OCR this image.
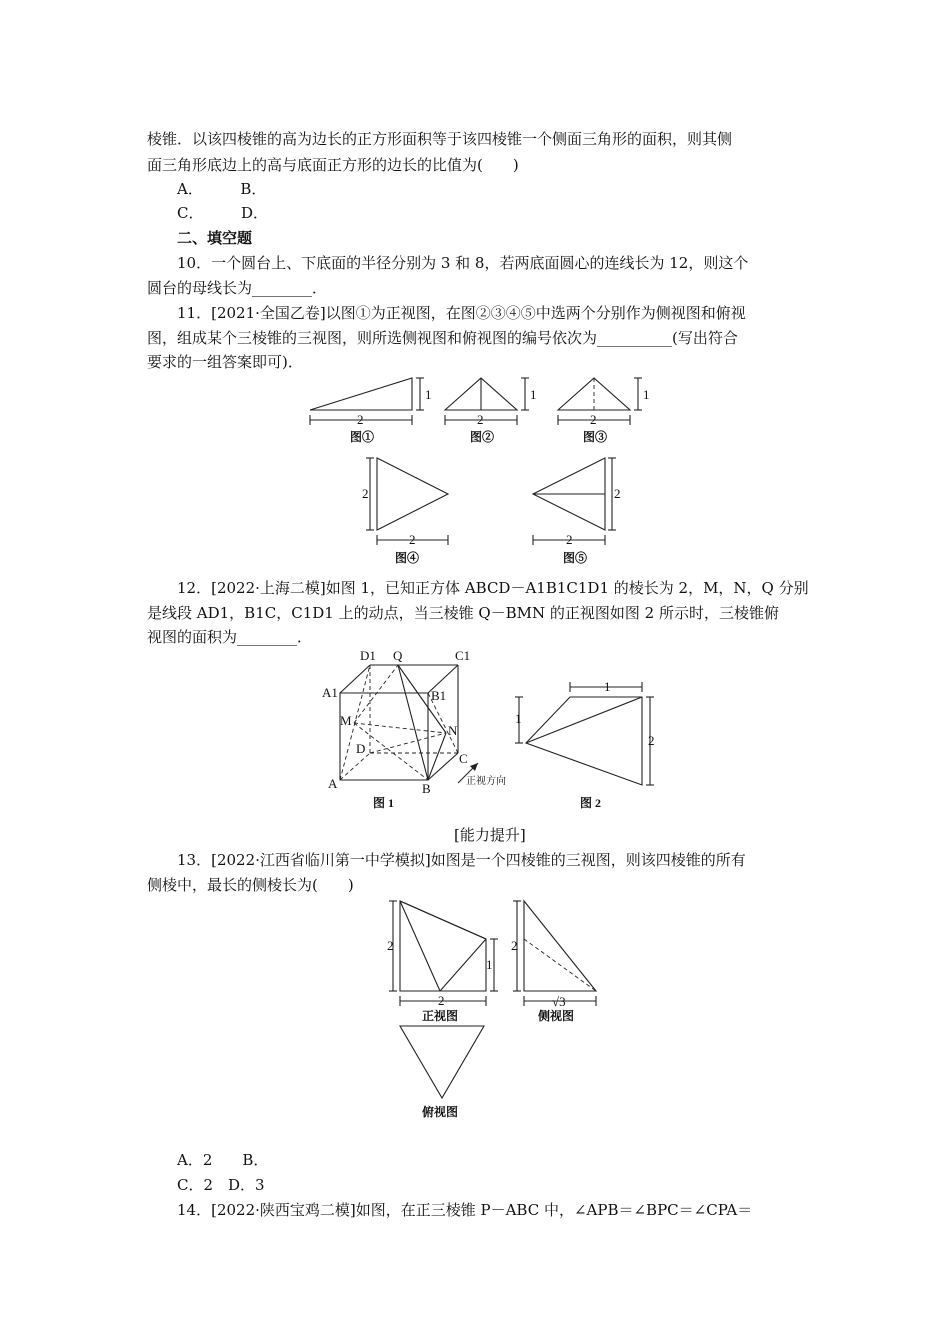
棱锥．以该四棱锥的高为边长的正方形面积等于该四棱锥一个侧面三角形的面积，则其侧
面三角形底边上的高与底面正方形的边长的比值为(　　)
A．　　　B．
C．　　　D．
二、填空题
10．一个圆台上、下底面的半径分别为 3 和 8，若两底面圆心的连线长为 12，则这个
圆台的母线长为________．
11．[2021·全国乙卷]以图①为正视图，在图②③④⑤中选两个分别作为侧视图和俯视
图，组成某个三棱锥的三视图，则所选侧视图和俯视图的编号依次为__________(写出符合
要求的一组答案即可)．
1
2
图①
1
2
图②
1
2
图③
2
2
图④
2
2
图⑤
12．[2022·上海二模]如图 1，已知正方体 ABCD－A1B1C1D1 的棱长为 2，M，N，Q 分别
是线段 AD1，B1C，C1D1 上的动点，当三棱锥 Q－BMN 的正视图如图 2 所示时，三棱锥俯
视图的面积为________．
D1 Q	C1
A1	B1
M
N
D
C
A	B	正视方向
图 1
1
1
2
图 2
[能力提升]
13．[2022·江西省临川第一中学模拟]如图是一个四棱锥的三视图，则该四棱锥的所有
侧棱中，最长的侧棱长为(　　)
2
1
2
正视图
2
√3
侧视图
俯视图
A．2　　B．
C．2　D．3
14．[2022·陕西宝鸡二模]如图，在正三棱锥 P－ABC 中，∠APB＝∠BPC＝∠CPA＝
